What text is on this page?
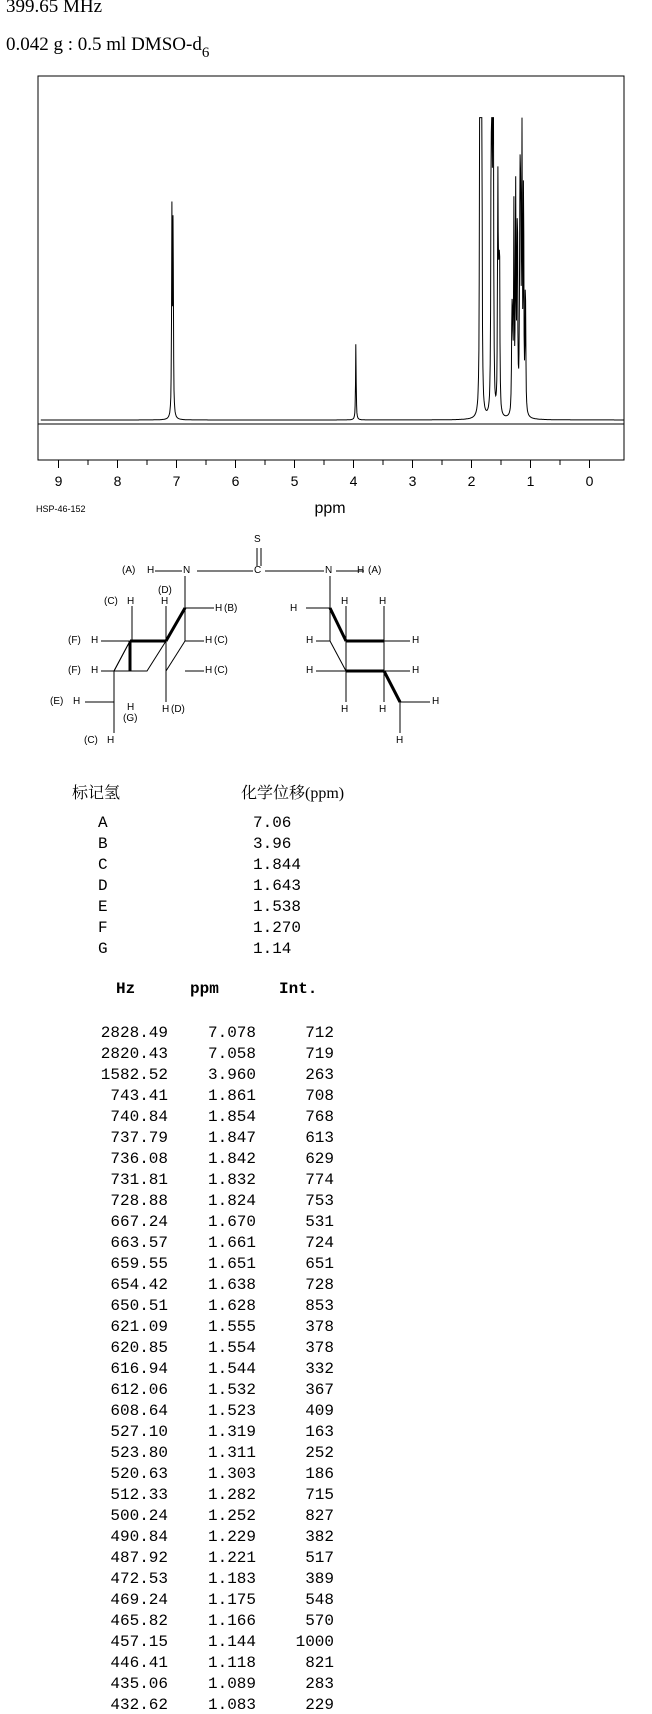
399.65 MHz
0.042 g : 0.5 ml DMSO-$d_6$
9	8	7	6	5	4	3	2	1	0
ppm
HSP-46-152
S
C
N	N
(A) H	H (A)
(C) H
(D)
H
H (B)
(F) H	H (C)
(F) H	H (C)
(E) H
H
(G)
H (D)
(C) H
H	H
H
H	H
H	H
H
H	H
H
标记氢	化学位移(ppm)
A	7.06
B	3.96
C	1.844
D	1.643
E	1.538
F	1.270
G	1.14
Hz	ppm	Int.
2828.49	7.078	712
2820.43	7.058	719
1582.52	3.960	263
743.41	1.861	708
740.84	1.854	768
737.79	1.847	613
736.08	1.842	629
731.81	1.832	774
728.88	1.824	753
667.24	1.670	531
663.57	1.661	724
659.55	1.651	651
654.42	1.638	728
650.51	1.628	853
621.09	1.555	378
620.85	1.554	378
616.94	1.544	332
612.06	1.532	367
608.64	1.523	409
527.10	1.319	163
523.80	1.311	252
520.63	1.303	186
512.33	1.282	715
500.24	1.252	827
490.84	1.229	382
487.92	1.221	517
472.53	1.183	389
469.24	1.175	548
465.82	1.166	570
457.15	1.144	1000
446.41	1.118	821
435.06	1.089	283
432.62	1.083	229
